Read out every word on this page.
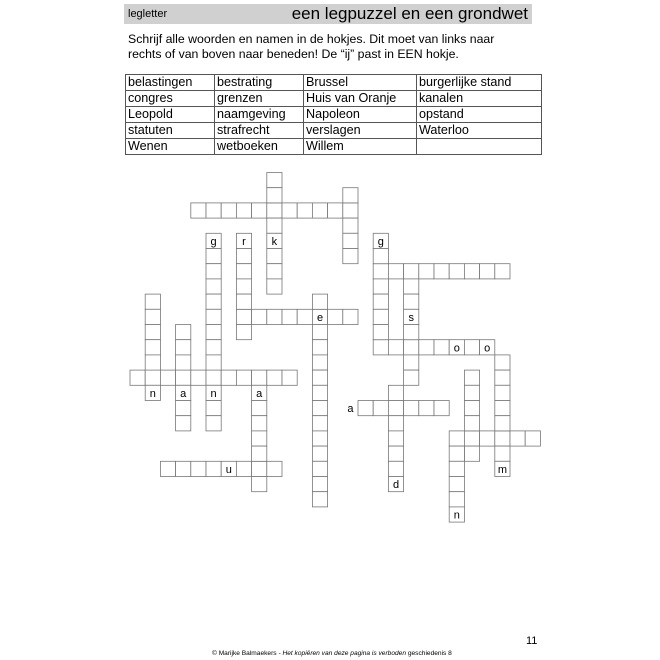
legletter	een legpuzzel en een grondwet
Schrijf alle woorden en namen in de hokjes. Dit moet van links naar rechts of van boven naar beneden! De “ij” past in EEN hokje.
belastingen	bestrating	Brussel	burgerlijke stand
congres	grenzen	Huis van Oranje	kanalen
Leopold	naamgeving	Napoleon	opstand
statuten	strafrecht	verslagen	Waterloo
Wenen	wetboeken	Willem	
g r k	g
e	s
o o
n a n	a
a
u	m
d
n
11
© Marijke Balmaekers - Het kopiëren van deze pagina is verboden geschiedenis 8
